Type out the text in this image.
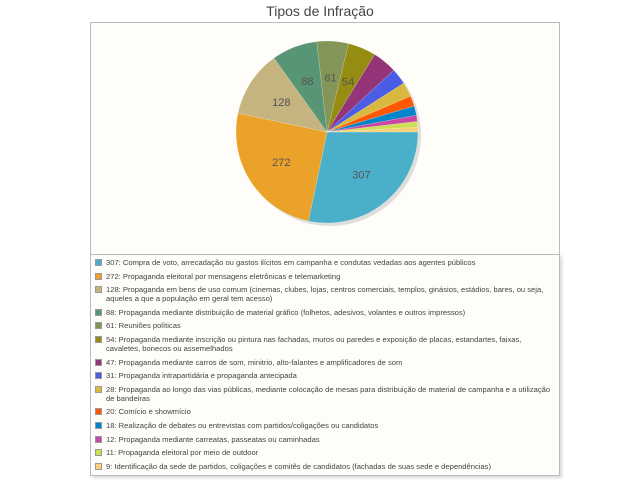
Tipos de Infração
307
272
128
88 61 54
307: Compra de voto, arrecadação ou gastos ilícitos em campanha e condutas vedadas aos agentes públicos
272: Propaganda eleitoral por mensagens eletrônicas e telemarketing
128: Propaganda em bens de uso comum (cinemas, clubes, lojas, centros comerciais, templos, ginásios, estádios, bares, ou seja, aqueles a que a população em geral tem acesso)
88: Propaganda mediante distribuição de material gráfico (folhetos, adesivos, volantes e outros impressos)
61: Reuniões políticas
54: Propaganda mediante inscrição ou pintura nas fachadas, muros ou paredes e exposição de placas, estandartes, faixas, cavaletes, bonecos ou assemelhados
47: Propaganda mediante carros de som, minitrio, alto-falantes e amplificadores de som
31: Propaganda intrapartidária e propaganda antecipada
28: Propaganda ao longo das vias públicas, mediante colocação de mesas para distribuição de material de campanha e a utilização de bandeiras
20: Comício e showmício
18: Realização de debates ou entrevistas com partidos/coligações ou candidatos
12: Propaganda mediante carreatas, passeatas ou caminhadas
11: Propaganda eleitoral por meio de outdoor
9: Identificação da sede de partidos, coligações e comitês de candidatos (fachadas de suas sede e dependências)
